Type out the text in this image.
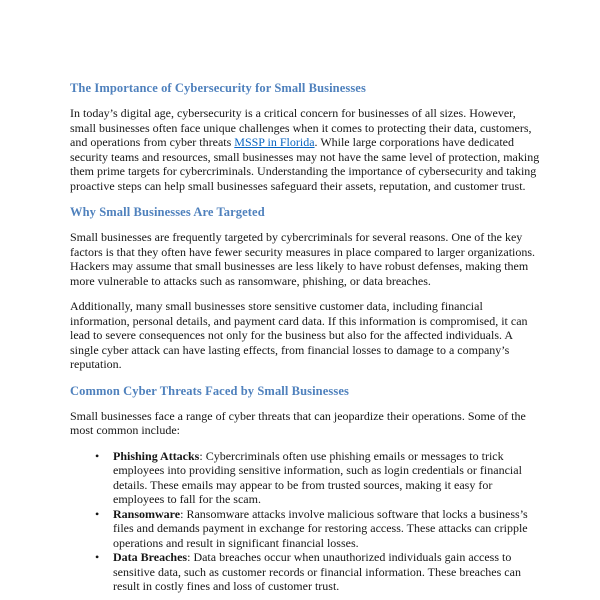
The Importance of Cybersecurity for Small Businesses

In today’s digital age, cybersecurity is a critical concern for businesses of all sizes. However, small businesses often face unique challenges when it comes to protecting their data, customers, and operations from cyber threats MSSP in Florida. While large corporations have dedicated security teams and resources, small businesses may not have the same level of protection, making them prime targets for cybercriminals. Understanding the importance of cybersecurity and taking proactive steps can help small businesses safeguard their assets, reputation, and customer trust.

Why Small Businesses Are Targeted

Small businesses are frequently targeted by cybercriminals for several reasons. One of the key factors is that they often have fewer security measures in place compared to larger organizations. Hackers may assume that small businesses are less likely to have robust defenses, making them more vulnerable to attacks such as ransomware, phishing, or data breaches.

Additionally, many small businesses store sensitive customer data, including financial information, personal details, and payment card data. If this information is compromised, it can lead to severe consequences not only for the business but also for the affected individuals. A single cyber attack can have lasting effects, from financial losses to damage to a company’s reputation.

Common Cyber Threats Faced by Small Businesses

Small businesses face a range of cyber threats that can jeopardize their operations. Some of the most common include:

• Phishing Attacks: Cybercriminals often use phishing emails or messages to trick employees into providing sensitive information, such as login credentials or financial details. These emails may appear to be from trusted sources, making it easy for employees to fall for the scam.
• Ransomware: Ransomware attacks involve malicious software that locks a business’s files and demands payment in exchange for restoring access. These attacks can cripple operations and result in significant financial losses.
• Data Breaches: Data breaches occur when unauthorized individuals gain access to sensitive data, such as customer records or financial information. These breaches can result in costly fines and loss of customer trust.
